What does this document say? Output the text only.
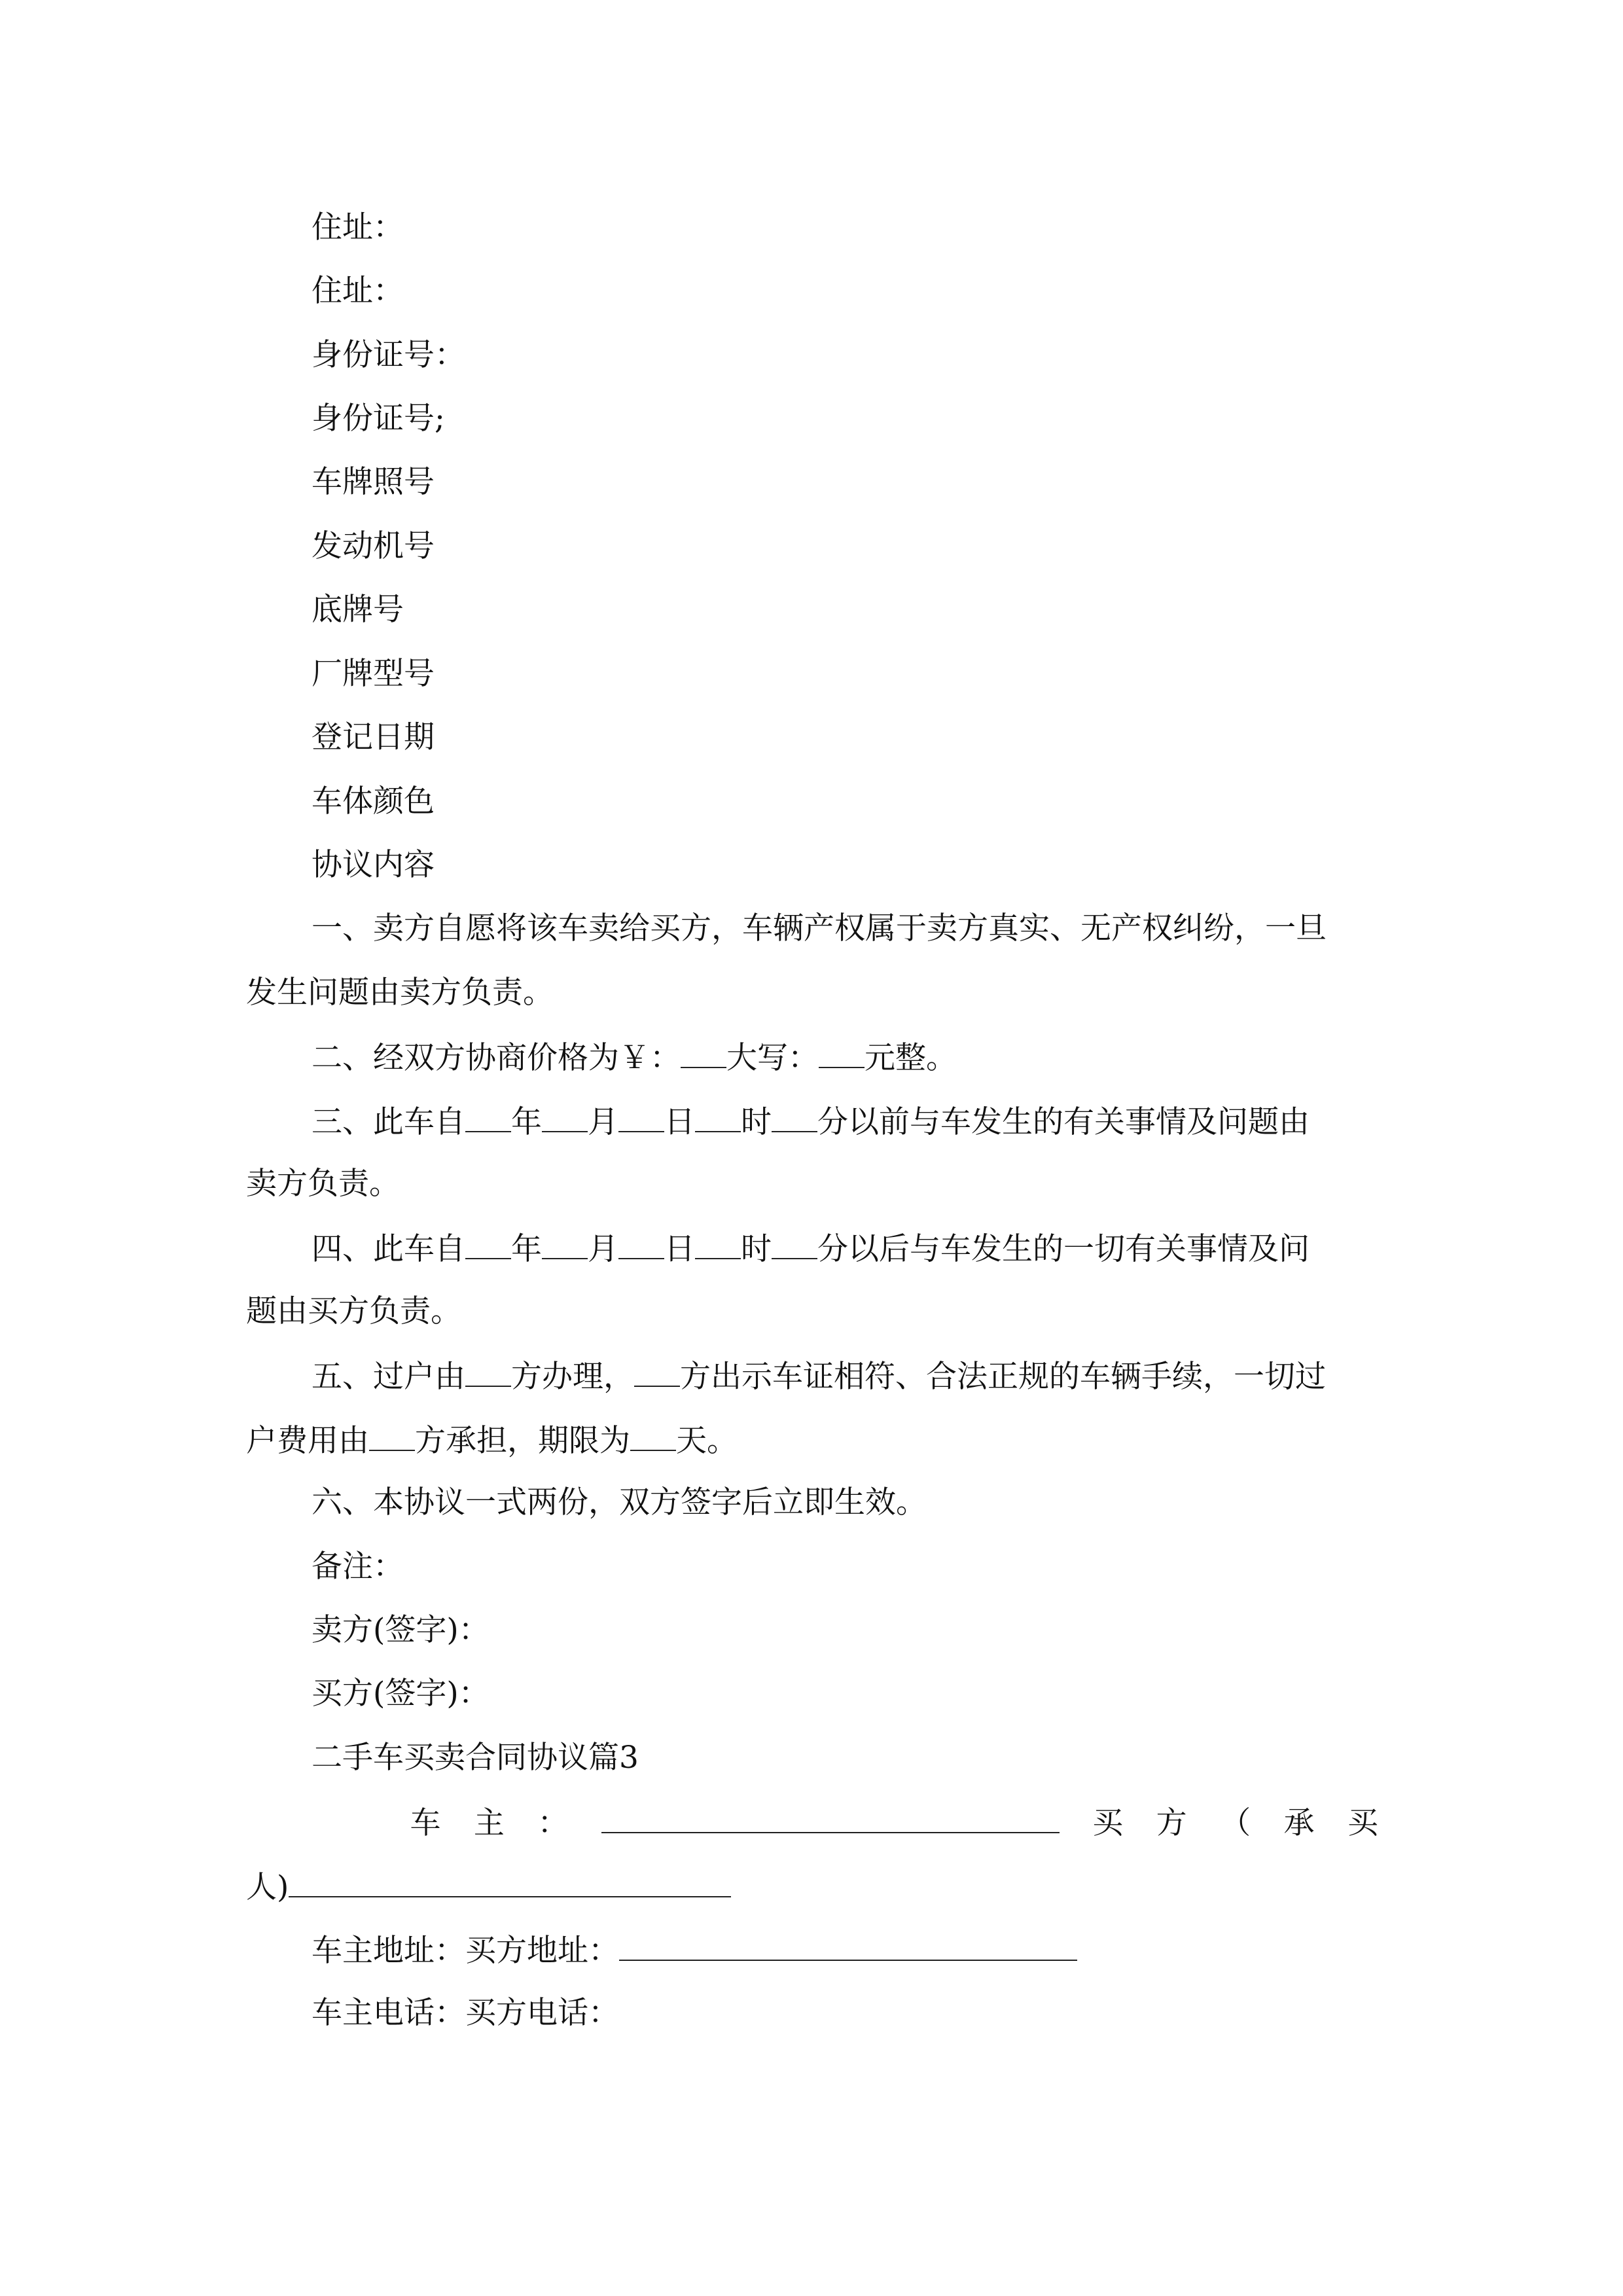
住址：
住址：
身份证号：
身份证号;
车牌照号
发动机号
底牌号
厂牌型号
登记日期
车体颜色
协议内容
一、卖方自愿将该车卖给买方，车辆产权属于卖方真实、无产权纠纷，一旦
发生问题由卖方负责。
二、经双方协商价格为￥： 大写： 元整。
三、此车自 年 月 日 时 分以前与车发生的有关事情及问题由
卖方负责。
四、此车自 年 月 日 时 分以后与车发生的一切有关事情及问
题由买方负责。
五、过户由 方办理， 方出示车证相符、合法正规的车辆手续，一切过
户费用由 方承担，期限为 天。
六、本协议一式两份，双方签字后立即生效。
备注：
卖方(签字)：
买方(签字)：
二手车买卖合同协议篇3
车 主 ：	买 方 （ 承 买
人)
车主地址：买方地址：
车主电话：买方电话：
